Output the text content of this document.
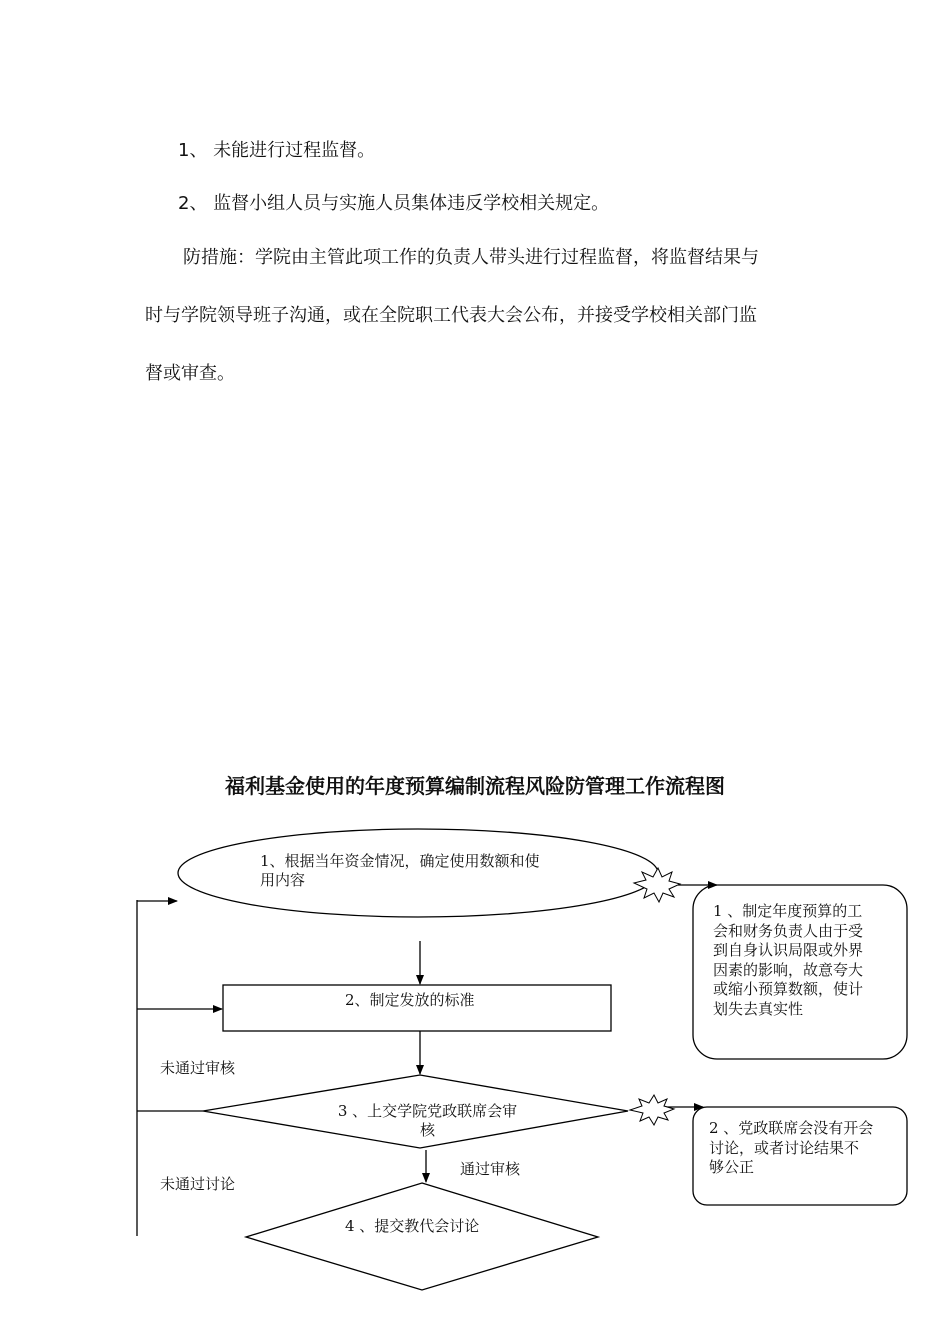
1、 未能进行过程监督。
2、 监督小组人员与实施人员集体违反学校相关规定。
防措施：学院由主管此项工作的负责人带头进行过程监督，将监督结果与
时与学院领导班子沟通，或在全院职工代表大会公布，并接受学校相关部门监
督或审查。
福利基金使用的年度预算编制流程风险防管理工作流程图
1、根据当年资金情况，确定使用数额和使
用内容
2、制定发放的标准
3 、上交学院党政联席会审
核
4 、提交教代会讨论
未通过审核
未通过讨论
通过审核
1 、制定年度预算的工
会和财务负责人由于受
到自身认识局限或外界
因素的影响，故意夸大
或缩小预算数额，使计
划失去真实性
2 、党政联席会没有开会
讨论，或者讨论结果不
够公正
